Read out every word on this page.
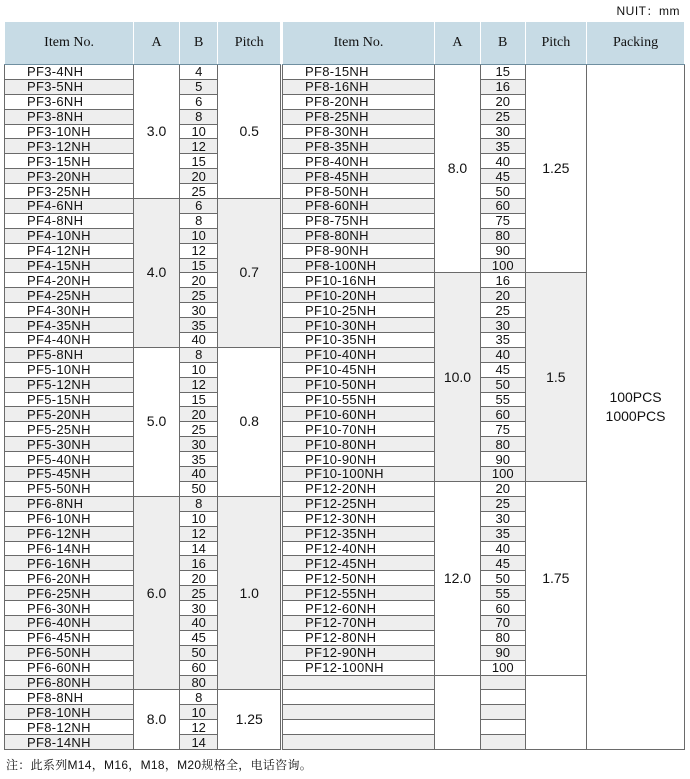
NUIT：mm
Item No.	A	B	Pitch		Item No.	A	B	Pitch	Packing
PF3-4NH	3.0	4	0.5		PF8-15NH	8.0	15	1.25	100PCS
1000PCS

PF3-5NH		5			PF8-16NH		16		
PF3-6NH		6			PF8-20NH		20		
PF3-8NH		8			PF8-25NH		25		
PF3-10NH		10			PF8-30NH		30		
PF3-12NH		12			PF8-35NH		35		
PF3-15NH		15			PF8-40NH		40		
PF3-20NH		20			PF8-45NH		45		
PF3-25NH		25			PF8-50NH		50		
PF4-6NH	4.0	6	0.7		PF8-60NH		60		
PF4-8NH		8			PF8-75NH		75		
PF4-10NH		10			PF8-80NH		80		
PF4-12NH		12			PF8-90NH		90		
PF4-15NH		15			PF8-100NH		100		
PF4-20NH		20			PF10-16NH	10.0	16	1.5	
PF4-25NH		25			PF10-20NH		20		
PF4-30NH		30			PF10-25NH		25		
PF4-35NH		35			PF10-30NH		30		
PF4-40NH		40			PF10-35NH		35		
PF5-8NH	5.0	8	0.8		PF10-40NH		40		
PF5-10NH		10			PF10-45NH		45		
PF5-12NH		12			PF10-50NH		50		
PF5-15NH		15			PF10-55NH		55		
PF5-20NH		20			PF10-60NH		60		
PF5-25NH		25			PF10-70NH		75		
PF5-30NH		30			PF10-80NH		80		
PF5-40NH		35			PF10-90NH		90		
PF5-45NH		40			PF10-100NH		100		
PF5-50NH		50			PF12-20NH	12.0	20	1.75	
PF6-8NH	6.0	8	1.0		PF12-25NH		25		
PF6-10NH		10			PF12-30NH		30		
PF6-12NH		12			PF12-35NH		35		
PF6-14NH		14			PF12-40NH		40		
PF6-16NH		16			PF12-45NH		45		
PF6-20NH		20			PF12-50NH		50		
PF6-25NH		25			PF12-55NH		55		
PF6-30NH		30			PF12-60NH		60		
PF6-40NH		40			PF12-70NH		70		
PF6-45NH		45			PF12-80NH		80		
PF6-50NH		50			PF12-90NH		90		
PF6-60NH		60			PF12-100NH		100		
PF6-80NH		80							
PF8-8NH	8.0	8	1.25						
PF8-10NH		10							
PF8-12NH		12							
PF8-14NH		14							
注：此系列M14，M16，M18，M20规格全，电话咨询。
